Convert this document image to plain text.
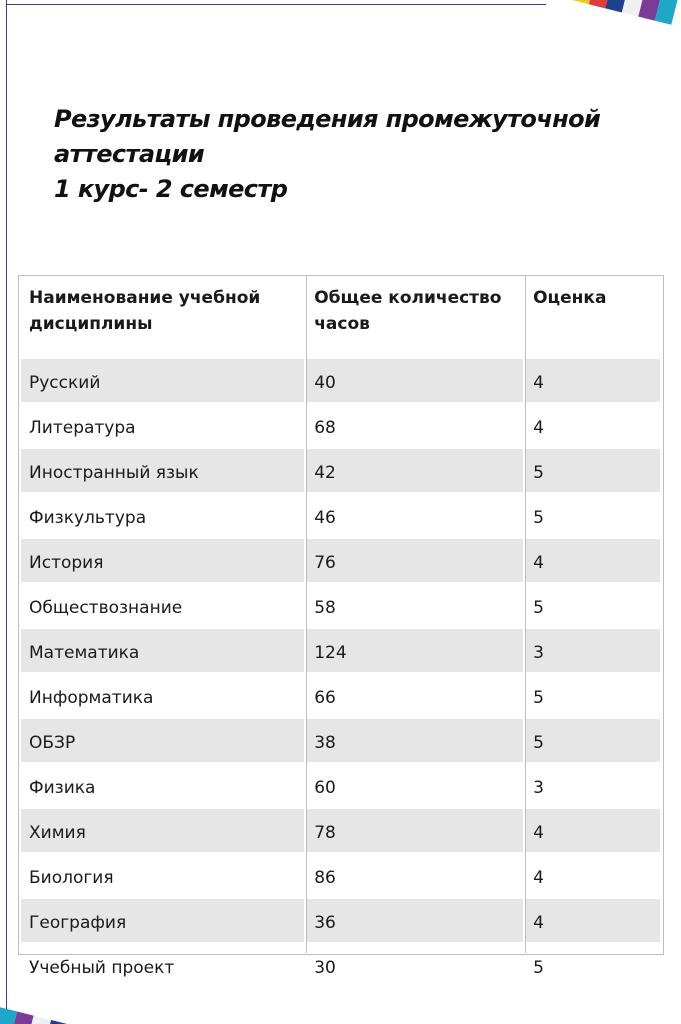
Результаты проведения промежуточной
аттестации
1 курс- 2 семестр
Наименование учебной дисциплины	Общее количество часов	Оценка
Русский	40	4
Литература	68	4
Иностранный язык	42	5
Физкультура	46	5
История	76	4
Обществознание	58	5
Математика	124	3
Информатика	66	5
ОБЗР	38	5
Физика	60	3
Химия	78	4
Биология	86	4
География	36	4
Учебный проект	30	5
